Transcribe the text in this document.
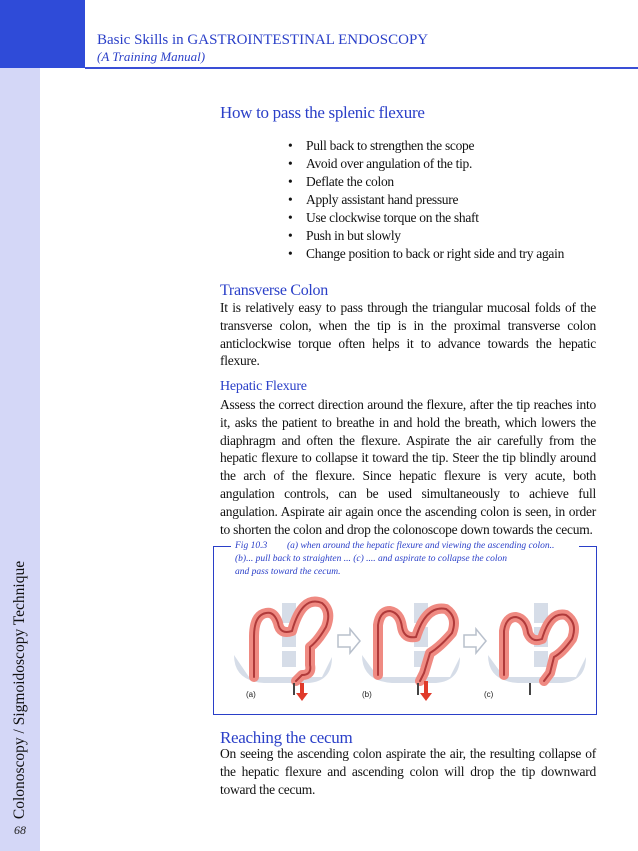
Basic Skills in GASTROINTESTINAL ENDOSCOPY
(A Training Manual)
Colonoscopy / Sigmoidoscopy Technique
68
How to pass the splenic flexure
• Pull back to strengthen the scope
• Avoid over angulation of the tip.
• Deflate the colon
• Apply assistant hand pressure
• Use clockwise torque on the shaft
• Push in but slowly
• Change position to back or right side and try again
Transverse Colon

It is relatively easy to pass through the triangular mucosal folds of the transverse colon, when the tip is in the proximal transverse colon anticlockwise torque often helps it to advance towards the hepatic flexure.

Hepatic Flexure

Assess the correct direction around the flexure, after the tip reaches into it, asks the patient to breathe in and hold the breath, which lowers the diaphragm and often the flexure. Aspirate the air carefully from the hepatic flexure to collapse it toward the tip. Steer the tip blindly around the arch of the flexure. Since hepatic flexure is very acute, both angulation controls, can be used simultaneously to achieve full angulation. Aspirate air again once the ascending colon is seen, in order to shorten the colon and drop the colonoscope down towards the cecum.

Fig 10.3 (a) when around the hepatic flexure and viewing the ascending colon..
(b)... pull back to straighten ... (c) .... and aspirate to collapse the colon
and pass toward the cecum.
(a)	(b)	(c)
Reaching the cecum

On seeing the ascending colon aspirate the air, the resulting collapse of the hepatic flexure and ascending colon will drop the tip downward toward the cecum.
